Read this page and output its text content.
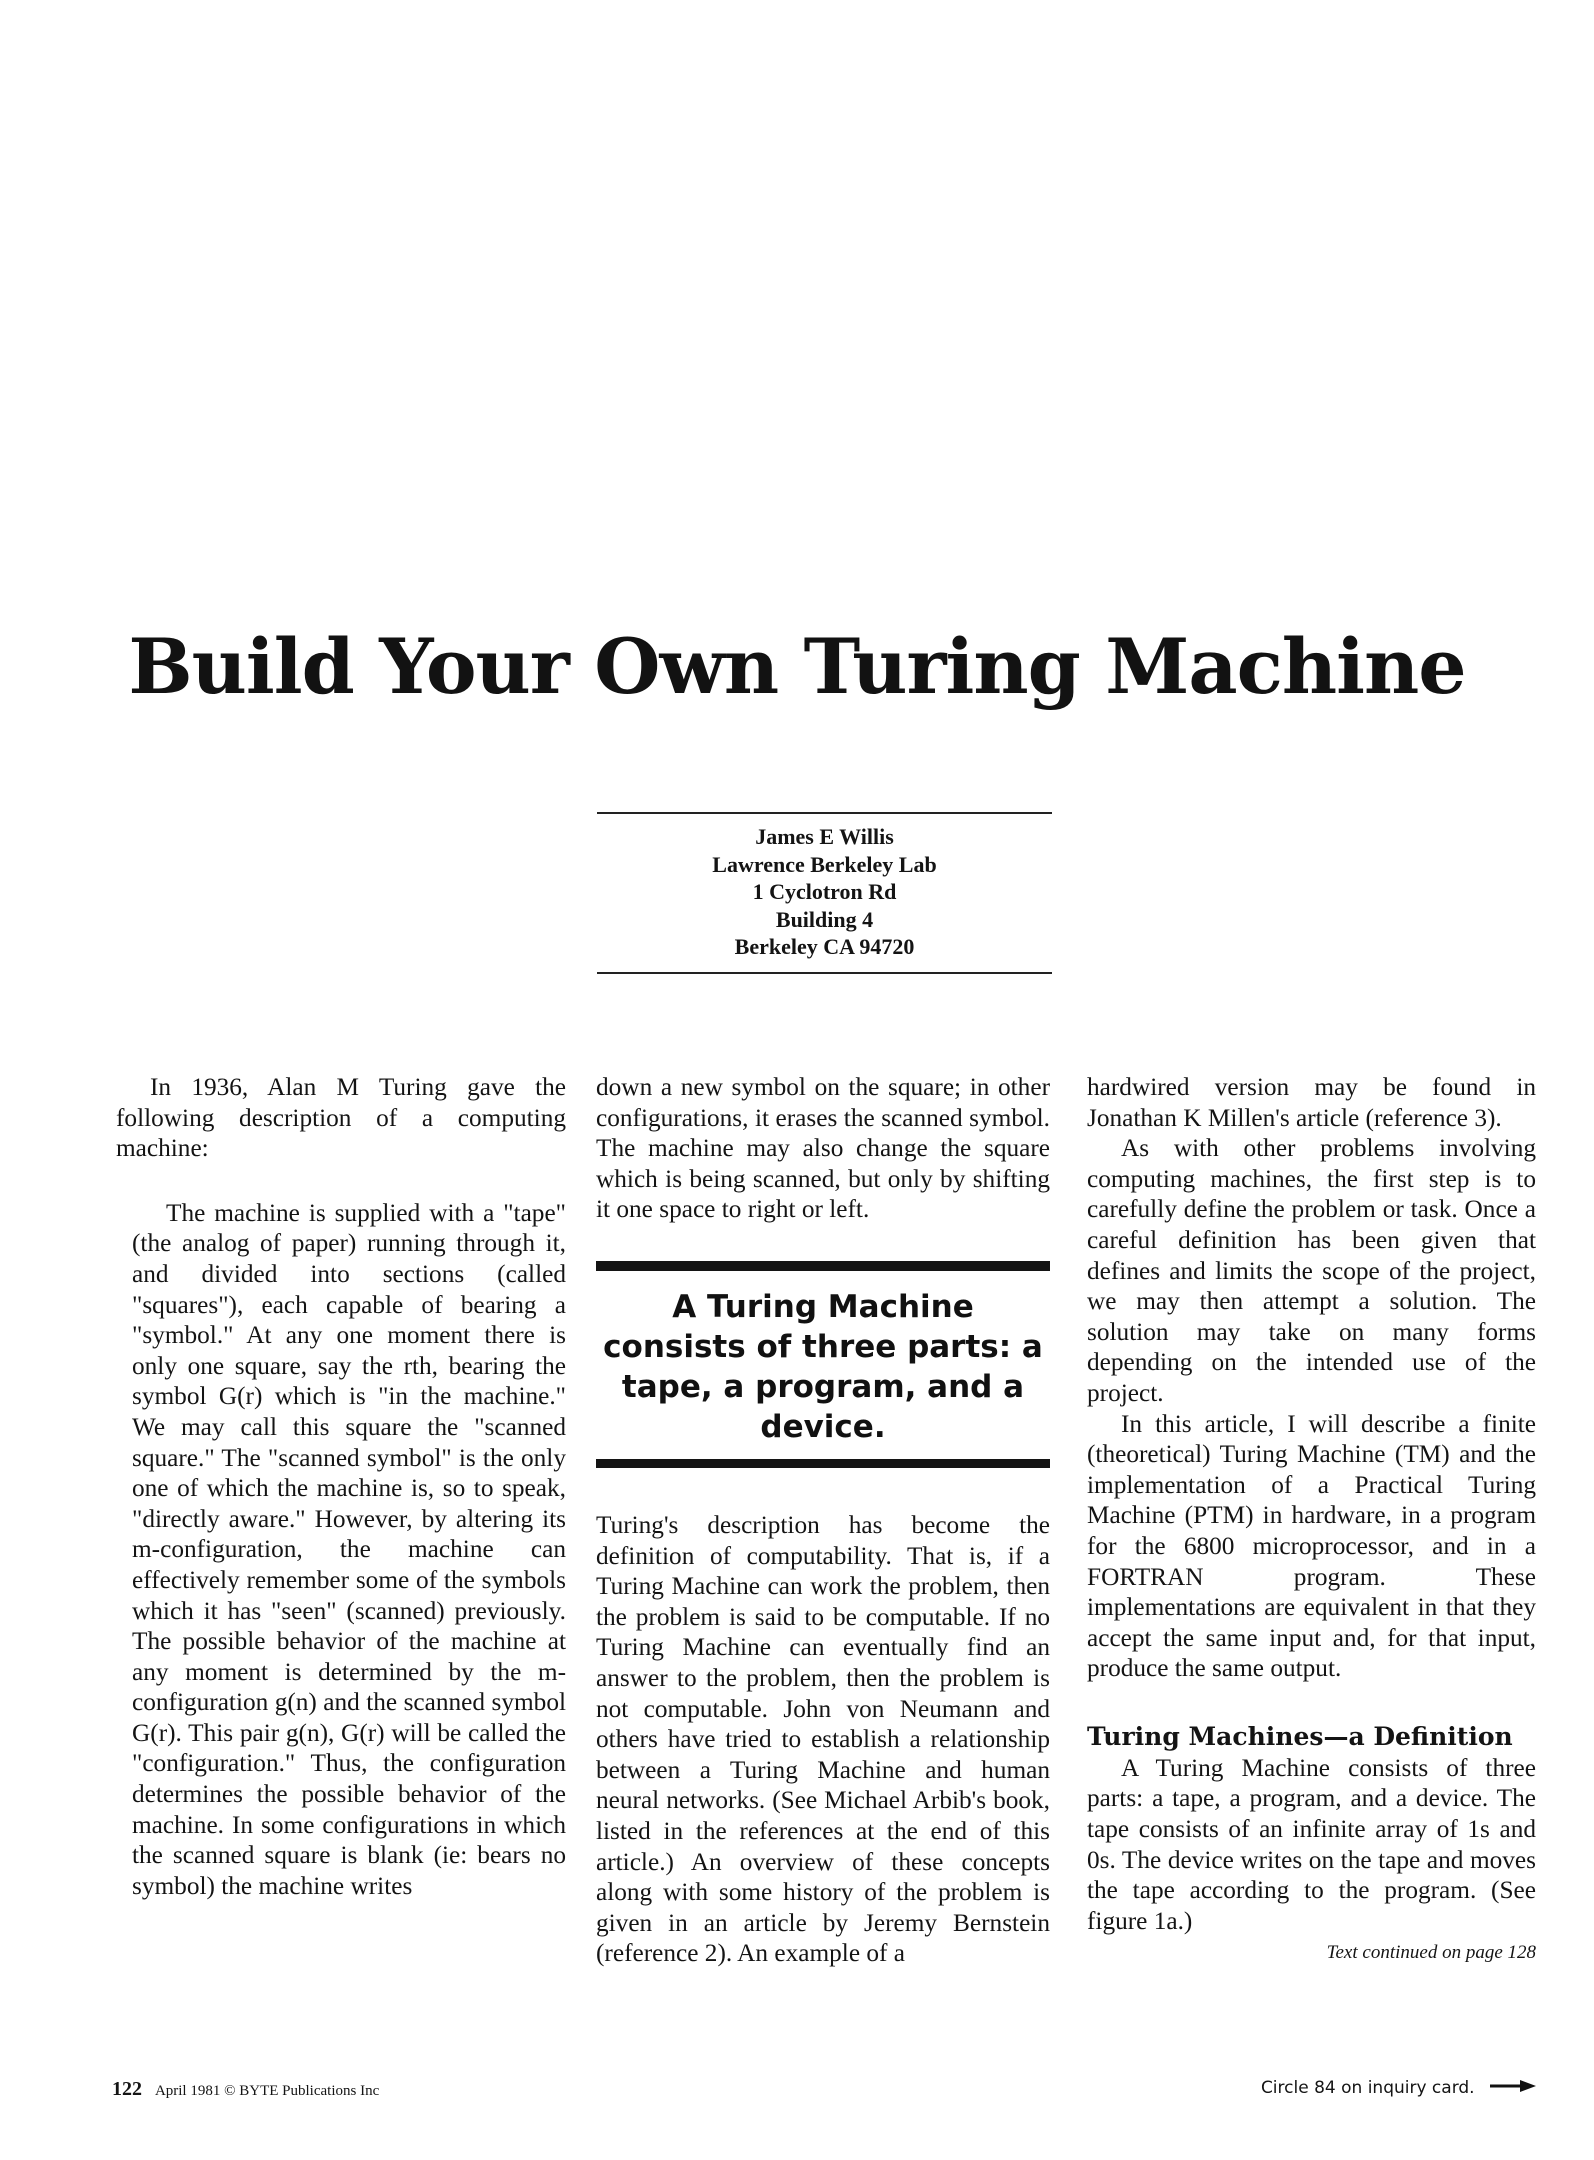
Build Your Own Turing Machine
James E Willis
Lawrence Berkeley Lab
1 Cyclotron Rd
Building 4
Berkeley CA 94720

In 1936, Alan M Turing gave the following description of a computing machine:

The machine is supplied with a "tape" (the analog of paper) running through it, and divided into sections (called "squares"), each capable of bearing a "symbol." At any one moment there is only one square, say the rth, bearing the symbol G(r) which is "in the machine." We may call this square the "scanned square." The "scanned symbol" is the only one of which the machine is, so to speak, "directly aware." However, by altering its m-configuration, the machine can effectively remember some of the symbols which it has "seen" (scanned) previously. The possible behavior of the machine at any moment is determined by the m-configuration g(n) and the scanned symbol G(r). This pair g(n), G(r) will be called the "configuration." Thus, the configuration determines the possible behavior of the machine. In some configurations in which the scanned square is blank (ie: bears no symbol) the machine writes

down a new symbol on the square; in other configurations, it erases the scanned symbol. The machine may also change the square which is being scanned, but only by shifting it one space to right or left.

A Turing Machine consists of three parts: a tape, a program, and a device.

Turing's description has become the definition of computability. That is, if a Turing Machine can work the problem, then the problem is said to be computable. If no Turing Machine can eventually find an answer to the problem, then the problem is not computable. John von Neumann and others have tried to establish a relationship between a Turing Machine and human neural networks. (See Michael Arbib's book, listed in the references at the end of this article.) An overview of these concepts along with some history of the problem is given in an article by Jeremy Bernstein (reference 2). An example of a

hardwired version may be found in Jonathan K Millen's article (reference 3).

As with other problems involving computing machines, the first step is to carefully define the problem or task. Once a careful definition has been given that defines and limits the scope of the project, we may then attempt a solution. The solution may take on many forms depending on the intended use of the project.

In this article, I will describe a finite (theoretical) Turing Machine (TM) and the implementation of a Practical Turing Machine (PTM) in hardware, in a program for the 6800 microprocessor, and in a FORTRAN program. These implementations are equivalent in that they accept the same input and, for that input, produce the same output.

Turing Machines—a Definition

A Turing Machine consists of three parts: a tape, a program, and a device. The tape consists of an infinite array of 1s and 0s. The device writes on the tape and moves the tape according to the program. (See figure 1a.)

Text continued on page 128

122 April 1981 © BYTE Publications Inc	Circle 84 on inquiry card.
